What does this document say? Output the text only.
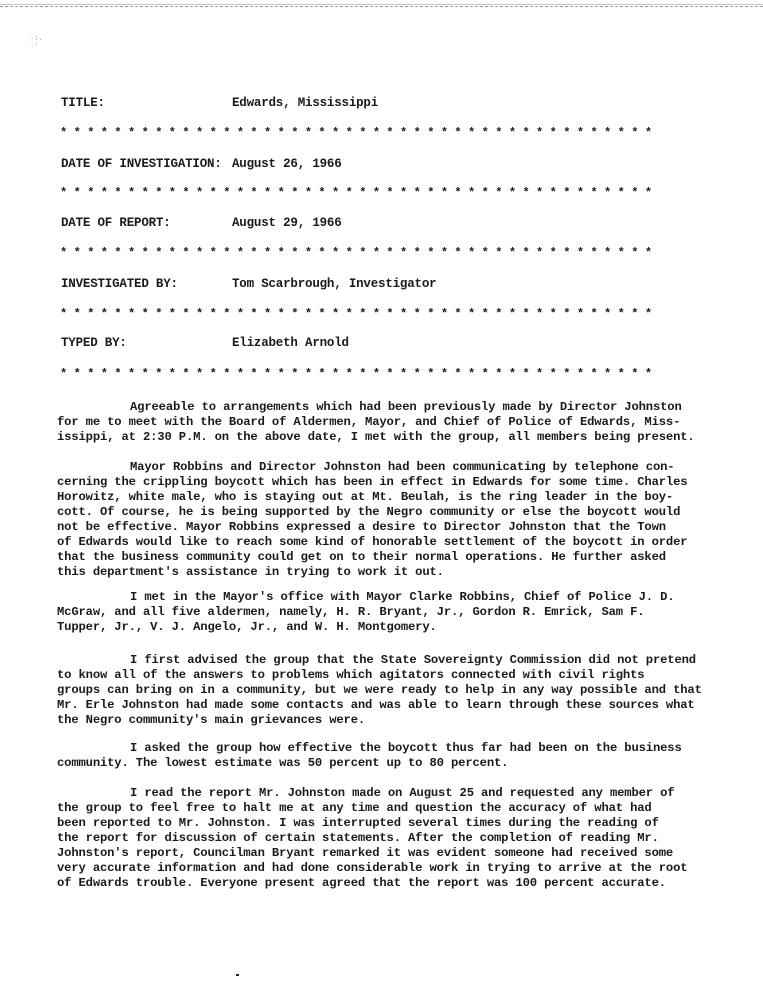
·:.
.·
TITLE:	Edwards, Mississippi
********************************************
DATE OF INVESTIGATION: August 26, 1966
********************************************
DATE OF REPORT:	August 29, 1966
********************************************
INVESTIGATED BY:	Tom Scarbrough, Investigator
********************************************
TYPED BY:	Elizabeth Arnold
********************************************
Agreeable to arrangements which had been previously made by Director Johnston
for me to meet with the Board of Aldermen, Mayor, and Chief of Police of Edwards, Miss-
issippi, at 2:30 P.M. on the above date, I met with the group, all members being present.
Mayor Robbins and Director Johnston had been communicating by telephone con-
cerning the crippling boycott which has been in effect in Edwards for some time. Charles
Horowitz, white male, who is staying out at Mt. Beulah, is the ring leader in the boy-
cott. Of course, he is being supported by the Negro community or else the boycott would
not be effective. Mayor Robbins expressed a desire to Director Johnston that the Town
of Edwards would like to reach some kind of honorable settlement of the boycott in order
that the business community could get on to their normal operations. He further asked
this department's assistance in trying to work it out.
I met in the Mayor's office with Mayor Clarke Robbins, Chief of Police J. D.
McGraw, and all five aldermen, namely, H. R. Bryant, Jr., Gordon R. Emrick, Sam F.
Tupper, Jr., V. J. Angelo, Jr., and W. H. Montgomery.
I first advised the group that the State Sovereignty Commission did not pretend
to know all of the answers to problems which agitators connected with civil rights
groups can bring on in a community, but we were ready to help in any way possible and that
Mr. Erle Johnston had made some contacts and was able to learn through these sources what
the Negro community's main grievances were.
I asked the group how effective the boycott thus far had been on the business
community. The lowest estimate was 50 percent up to 80 percent.
I read the report Mr. Johnston made on August 25 and requested any member of
the group to feel free to halt me at any time and question the accuracy of what had
been reported to Mr. Johnston. I was interrupted several times during the reading of
the report for discussion of certain statements. After the completion of reading Mr.
Johnston's report, Councilman Bryant remarked it was evident someone had received some
very accurate information and had done considerable work in trying to arrive at the root
of Edwards trouble. Everyone present agreed that the report was 100 percent accurate.
